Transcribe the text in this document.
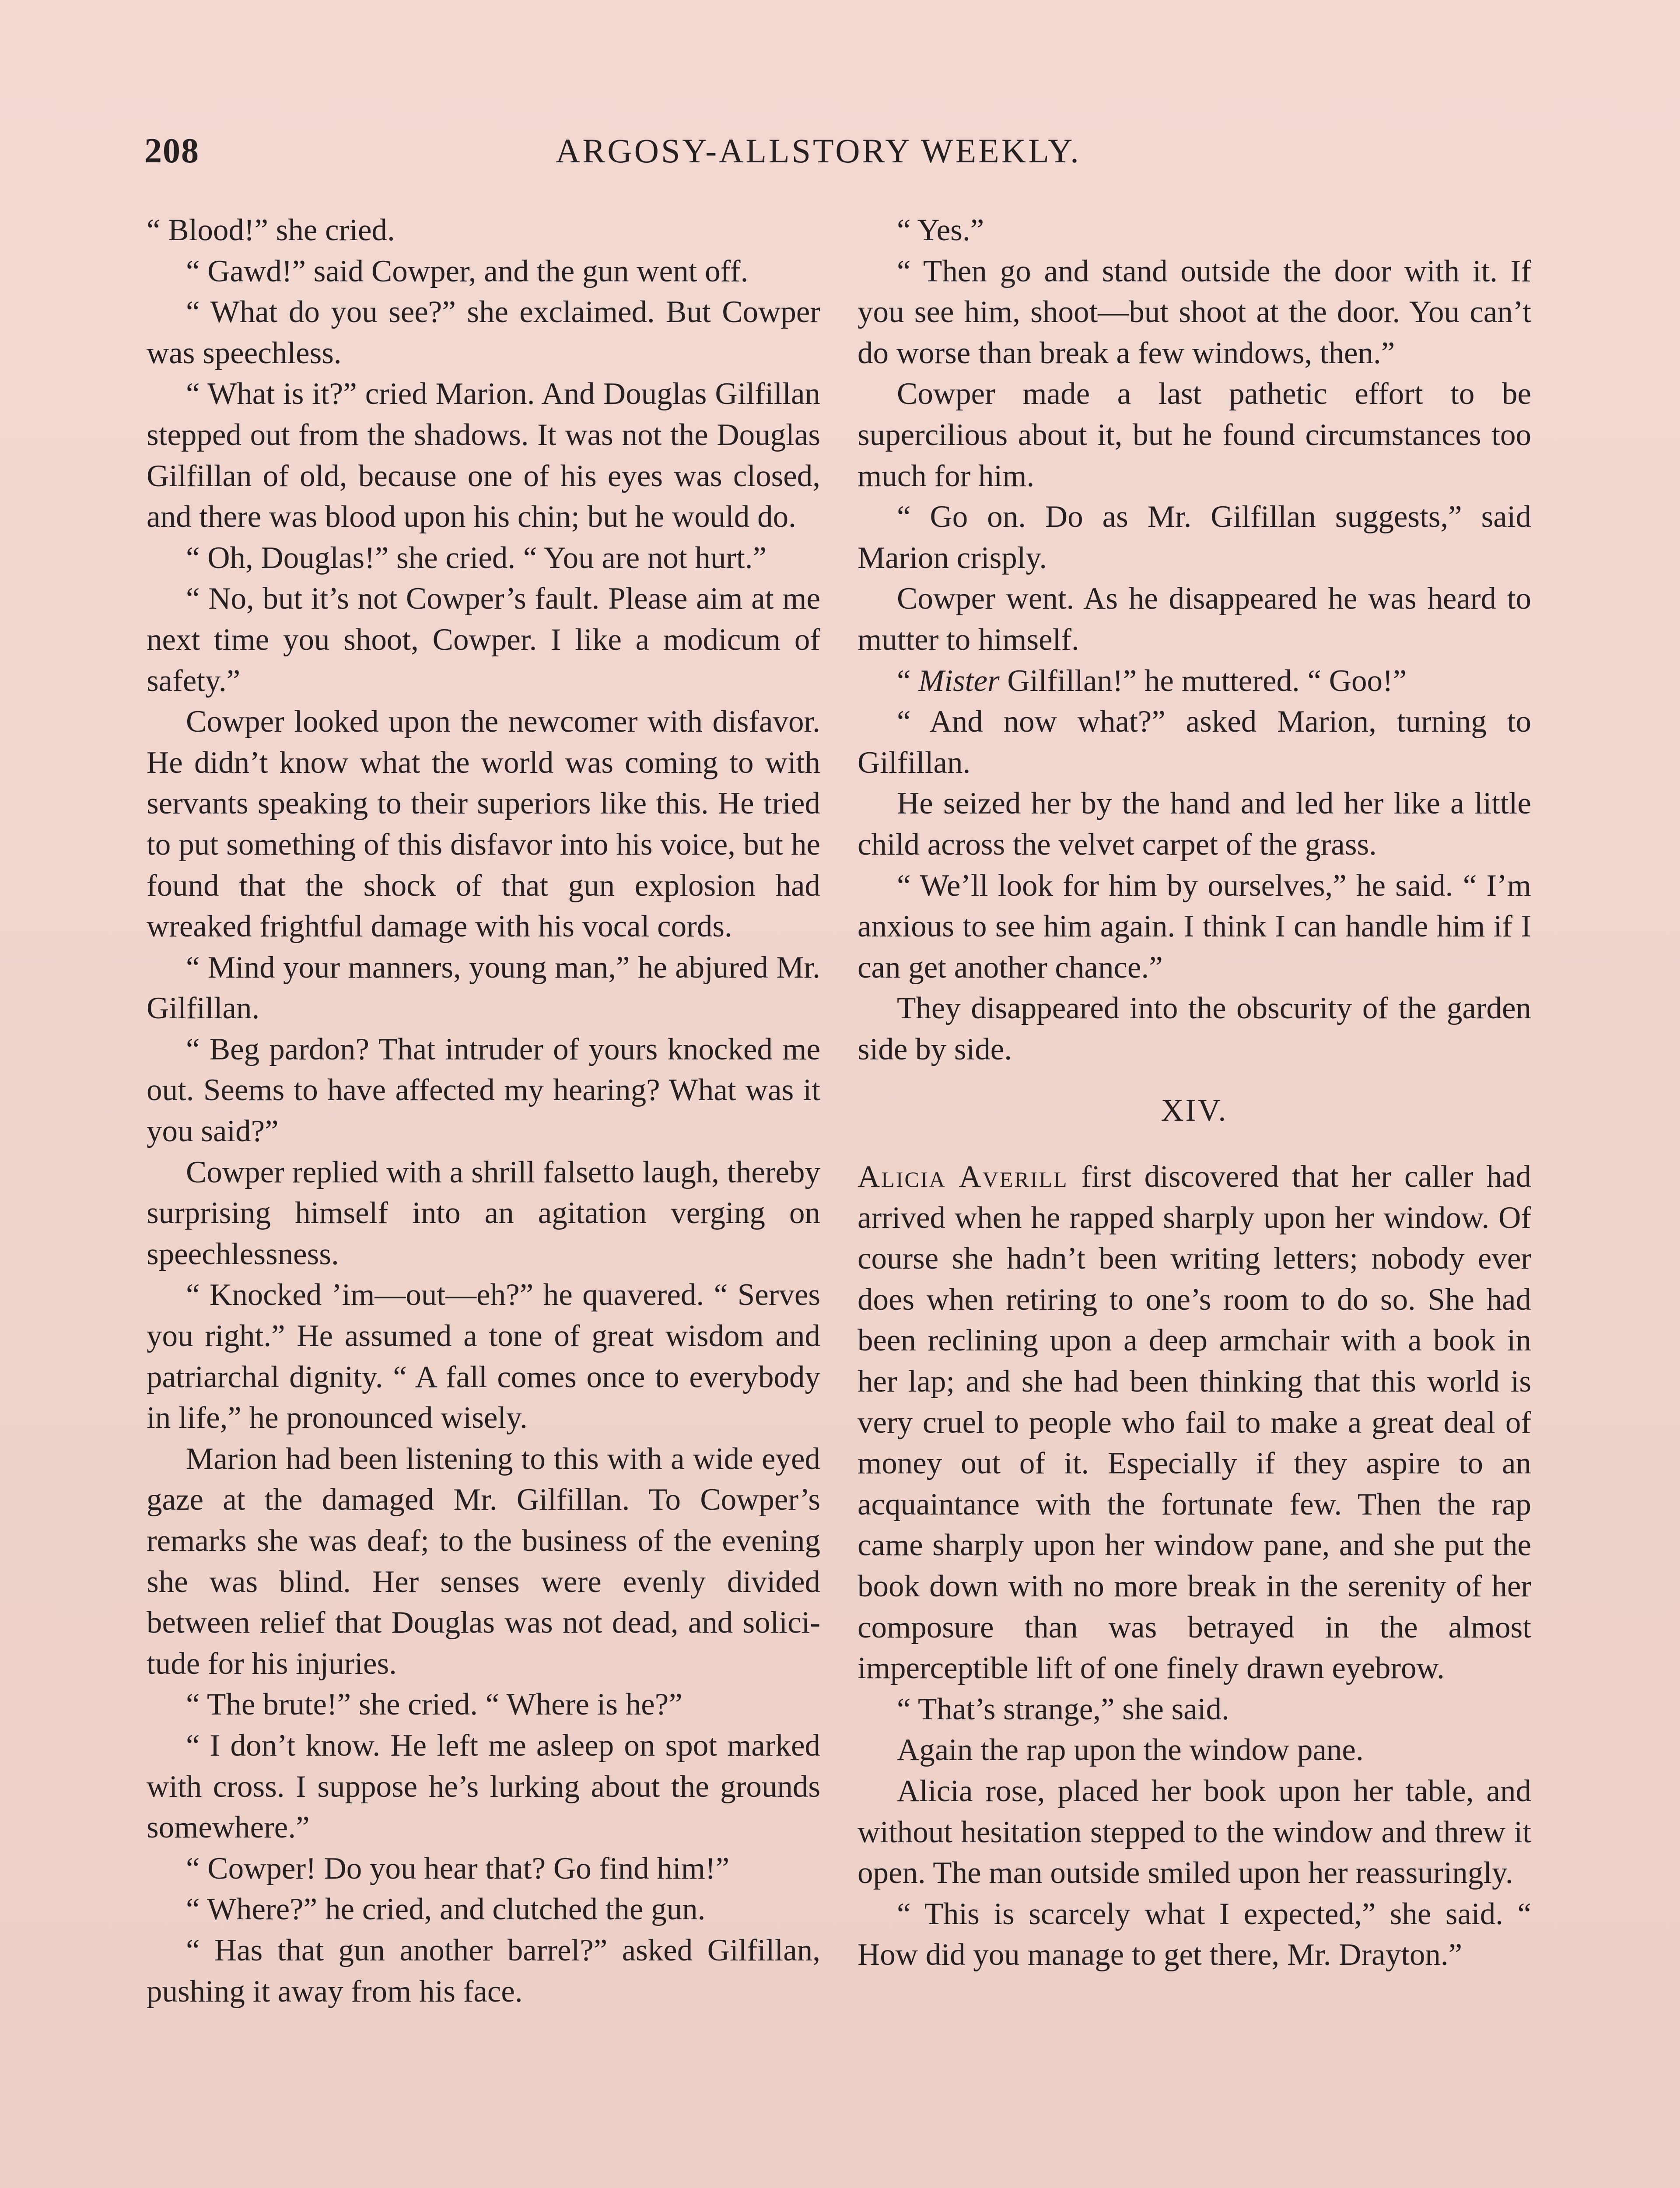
208	ARGOSY-ALLSTORY WEEKLY.

“ Blood!” she cried.

“ Gawd!” said Cowper, and the gun went off.

“ What do you see?” she exclaimed. But Cowper was speechless.

“ What is it?” cried Marion. And Douglas Gilfillan stepped out from the shadows. It was not the Douglas Gilfillan of old, because one of his eyes was closed, and there was blood upon his chin; but he would do.

“ Oh, Douglas!” she cried. “ You are not hurt.”

“ No, but it’s not Cowper’s fault. Please aim at me next time you shoot, Cowper. I like a modicum of safety.”

Cowper looked upon the newcomer with disfavor. He didn’t know what the world was coming to with servants speaking to their superiors like this. He tried to put something of this disfavor into his voice, but he found that the shock of that gun explosion had wreaked frightful damage with his vocal cords.

“ Mind your manners, young man,” he abjured Mr. Gilfillan.

“ Beg pardon? That intruder of yours knocked me out. Seems to have affected my hearing? What was it you said?”

Cowper replied with a shrill falsetto laugh, thereby surprising himself into an agitation verging on speechlessness.

“ Knocked ’im—out—eh?” he quavered. “ Serves you right.” He assumed a tone of great wisdom and patriarchal dignity. “ A fall comes once to everybody in life,” he pronounced wisely.

Marion had been listening to this with a wide eyed gaze at the damaged Mr. Gilfillan. To Cowper’s remarks she was deaf; to the business of the evening she was blind. Her senses were evenly divided between relief that Douglas was not dead, and solicitude for his injuries.

“ The brute!” she cried. “ Where is he?”

“ I don’t know. He left me asleep on spot marked with cross. I suppose he’s lurking about the grounds somewhere.”

“ Cowper! Do you hear that? Go find him!”

“ Where?” he cried, and clutched the gun.

“ Has that gun another barrel?” asked Gilfillan, pushing it away from his face.

“ Yes.”

“ Then go and stand outside the door with it. If you see him, shoot—but shoot at the door. You can’t do worse than break a few windows, then.”

Cowper made a last pathetic effort to be supercilious about it, but he found circumstances too much for him.

“ Go on. Do as Mr. Gilfillan suggests,” said Marion crisply.

Cowper went. As he disappeared he was heard to mutter to himself.

“ Mister Gilfillan!” he muttered. “ Goo!”

“ And now what?” asked Marion, turning to Gilfillan.

He seized her by the hand and led her like a little child across the velvet carpet of the grass.

“ We’ll look for him by ourselves,” he said. “ I’m anxious to see him again. I think I can handle him if I can get another chance.”

They disappeared into the obscurity of the garden side by side.

XIV.

Alicia Averill first discovered that her caller had arrived when he rapped sharply upon her window. Of course she hadn’t been writing letters; nobody ever does when retiring to one’s room to do so. She had been reclining upon a deep armchair with a book in her lap; and she had been thinking that this world is very cruel to people who fail to make a great deal of money out of it. Especially if they aspire to an acquaintance with the fortunate few. Then the rap came sharply upon her window pane, and she put the book down with no more break in the serenity of her composure than was betrayed in the almost imperceptible lift of one finely drawn eyebrow.

“ That’s strange,” she said.

Again the rap upon the window pane.

Alicia rose, placed her book upon her table, and without hesitation stepped to the window and threw it open. The man outside smiled upon her reassuringly.

“ This is scarcely what I expected,” she said. “ How did you manage to get there, Mr. Drayton.”
